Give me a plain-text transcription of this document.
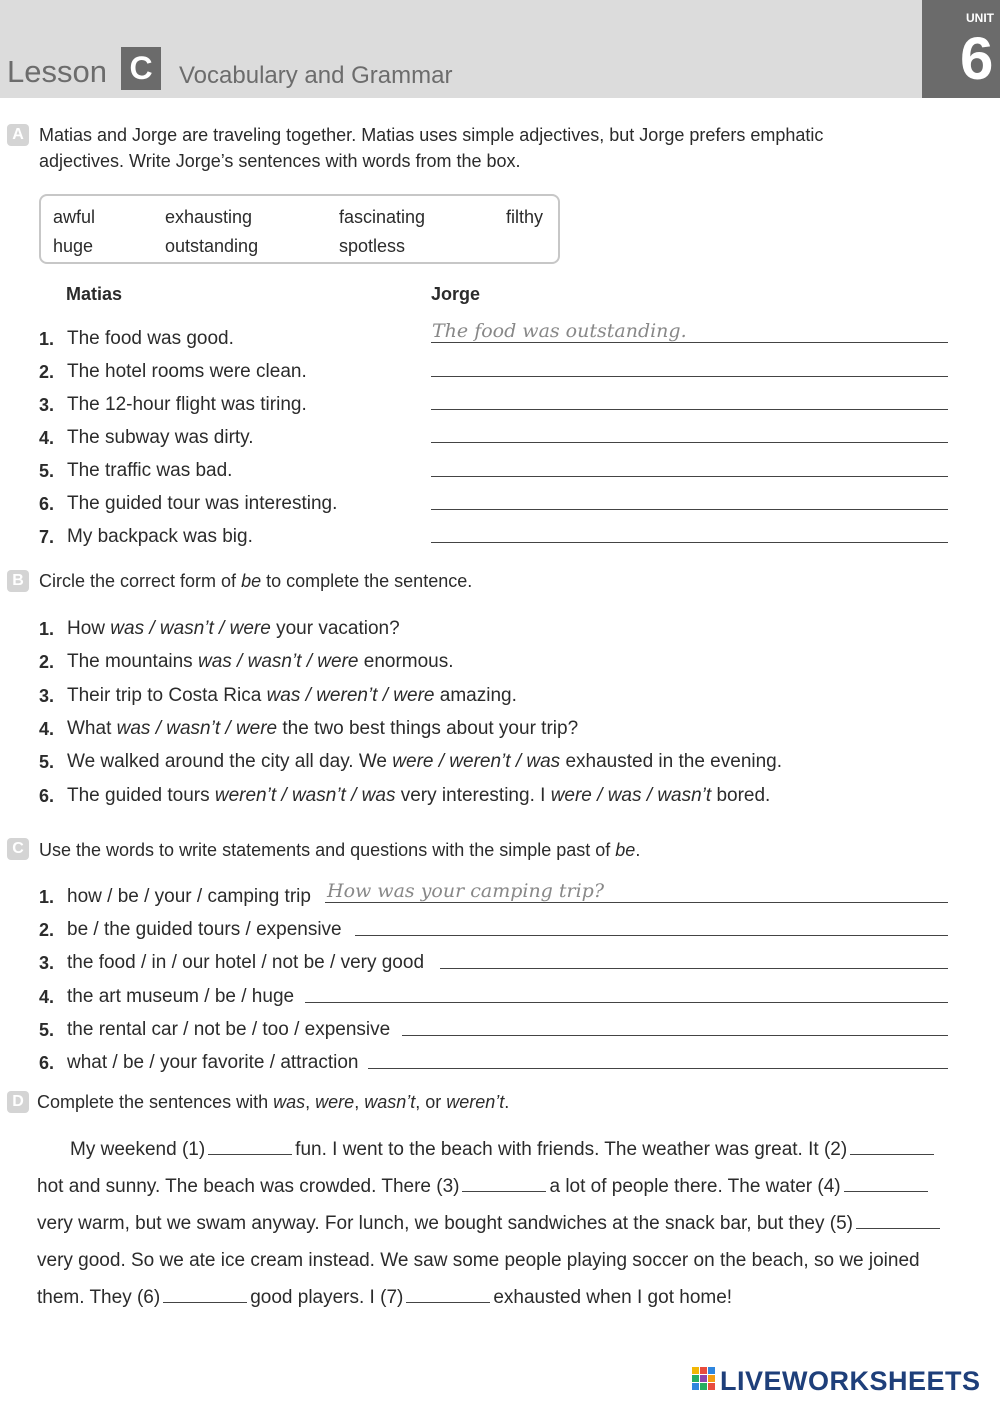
Lesson C	Vocabulary and Grammar
UNIT
6
A Matias and Jorge are traveling together. Matias uses simple adjectives, but Jorge prefers emphatic
adjectives. Write Jorge’s sentences with words from the box.
awful	exhausting	fascinating	filthy
huge	outstanding	spotless
Matias	Jorge
1. The food was good.	The food was outstanding.
2. The hotel rooms were clean.
3. The 12-hour flight was tiring.
4. The subway was dirty.
5. The traffic was bad.
6. The guided tour was interesting.
7. My backpack was big.
B Circle the correct form of be to complete the sentence.
1. How was / wasn’t / were your vacation?
2. The mountains was / wasn’t / were enormous.
3. Their trip to Costa Rica was / weren’t / were amazing.
4. What was / wasn’t / were the two best things about your trip?
5. We walked around the city all day. We were / weren’t / was exhausted in the evening.
6. The guided tours weren’t / wasn’t / was very interesting. I were / was / wasn’t bored.
C Use the words to write statements and questions with the simple past of be.
1. how / be / your / camping trip How was your camping trip?
2. be / the guided tours / expensive
3. the food / in / our hotel / not be / very good
4. the art museum / be / huge
5. the rental car / not be / too / expensive
6. what / be / your favorite / attraction
D Complete the sentences with was, were, wasn’t, or weren’t.
My weekend (1)	fun. I went to the beach with friends. The weather was great. It (2)
hot and sunny. The beach was crowded. There (3)	a lot of people there. The water (4)
very warm, but we swam anyway. For lunch, we bought sandwiches at the snack bar, but they (5)
very good. So we ate ice cream instead. We saw some people playing soccer on the beach, so we joined
them. They (6)	good players. I (7)	exhausted when I got home!
LIVEWORKSHEETS
